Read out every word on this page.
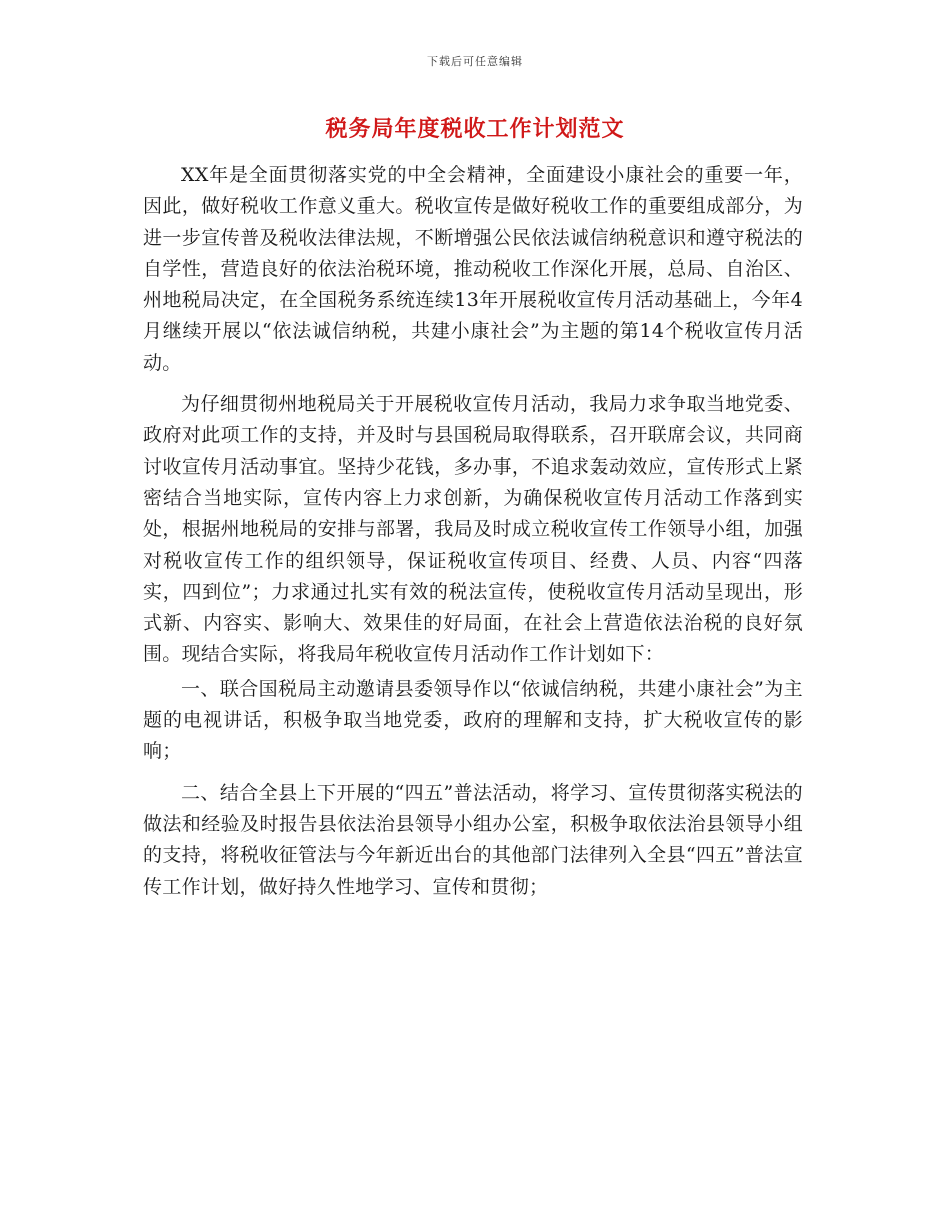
下载后可任意编辑
税务局年度税收工作计划范文

XX年是全面贯彻落实党的中全会精神，全面建设小康社会的重要一年，因此，做好税收工作意义重大。税收宣传是做好税收工作的重要组成部分，为进一步宣传普及税收法律法规，不断增强公民依法诚信纳税意识和遵守税法的自学性，营造良好的依法治税环境，推动税收工作深化开展，总局、自治区、州地税局决定，在全国税务系统连续13年开展税收宣传月活动基础上，今年4月继续开展以“依法诚信纳税，共建小康社会”为主题的第14个税收宣传月活动。

为仔细贯彻州地税局关于开展税收宣传月活动，我局力求争取当地党委、政府对此项工作的支持，并及时与县国税局取得联系，召开联席会议，共同商讨收宣传月活动事宜。坚持少花钱，多办事，不追求轰动效应，宣传形式上紧密结合当地实际，宣传内容上力求创新，为确保税收宣传月活动工作落到实处，根据州地税局的安排与部署，我局及时成立税收宣传工作领导小组，加强对税收宣传工作的组织领导，保证税收宣传项目、经费、人员、内容“四落实，四到位”；力求通过扎实有效的税法宣传，使税收宣传月活动呈现出，形式新、内容实、影响大、效果佳的好局面，在社会上营造依法治税的良好氛围。现结合实际，将我局年税收宣传月活动作工作计划如下：

一、联合国税局主动邀请县委领导作以“依诚信纳税，共建小康社会”为主题的电视讲话，积极争取当地党委，政府的理解和支持，扩大税收宣传的影响；

二、结合全县上下开展的“四五”普法活动，将学习、宣传贯彻落实税法的做法和经验及时报告县依法治县领导小组办公室，积极争取依法治县领导小组的支持，将税收征管法与今年新近出台的其他部门法律列入全县“四五”普法宣传工作计划，做好持久性地学习、宣传和贯彻；
